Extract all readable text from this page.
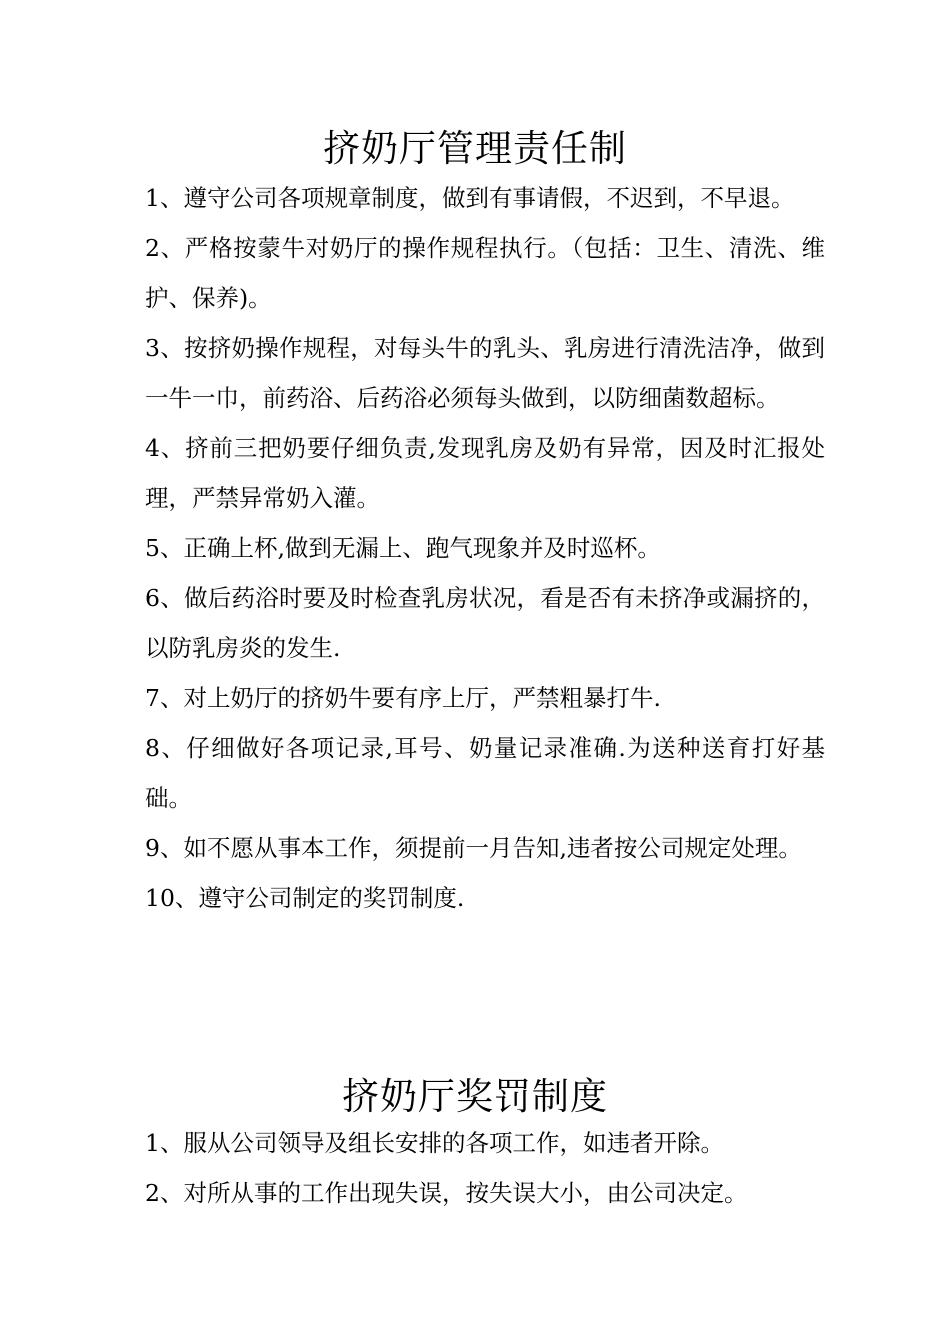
挤奶厅管理责任制

1、遵守公司各项规章制度，做到有事请假，不迟到，不早退。

2、严格按蒙牛对奶厅的操作规程执行。（包括：卫生、清洗、维护、保养)。

3、按挤奶操作规程，对每头牛的乳头、乳房进行清洗洁净，做到一牛一巾，前药浴、后药浴必须每头做到，以防细菌数超标。

4、挤前三把奶要仔细负责,发现乳房及奶有异常，因及时汇报处理，严禁异常奶入灌。

5、正确上杯,做到无漏上、跑气现象并及时巡杯。

6、做后药浴时要及时检查乳房状况，看是否有未挤净或漏挤的，以防乳房炎的发生.

7、对上奶厅的挤奶牛要有序上厅，严禁粗暴打牛.

8、仔细做好各项记录,耳号、奶量记录准确.为送种送育打好基础。

9、如不愿从事本工作，须提前一月告知,违者按公司规定处理。

10、遵守公司制定的奖罚制度.

挤奶厅奖罚制度

1、服从公司领导及组长安排的各项工作，如违者开除。

2、对所从事的工作出现失误，按失误大小，由公司决定。
